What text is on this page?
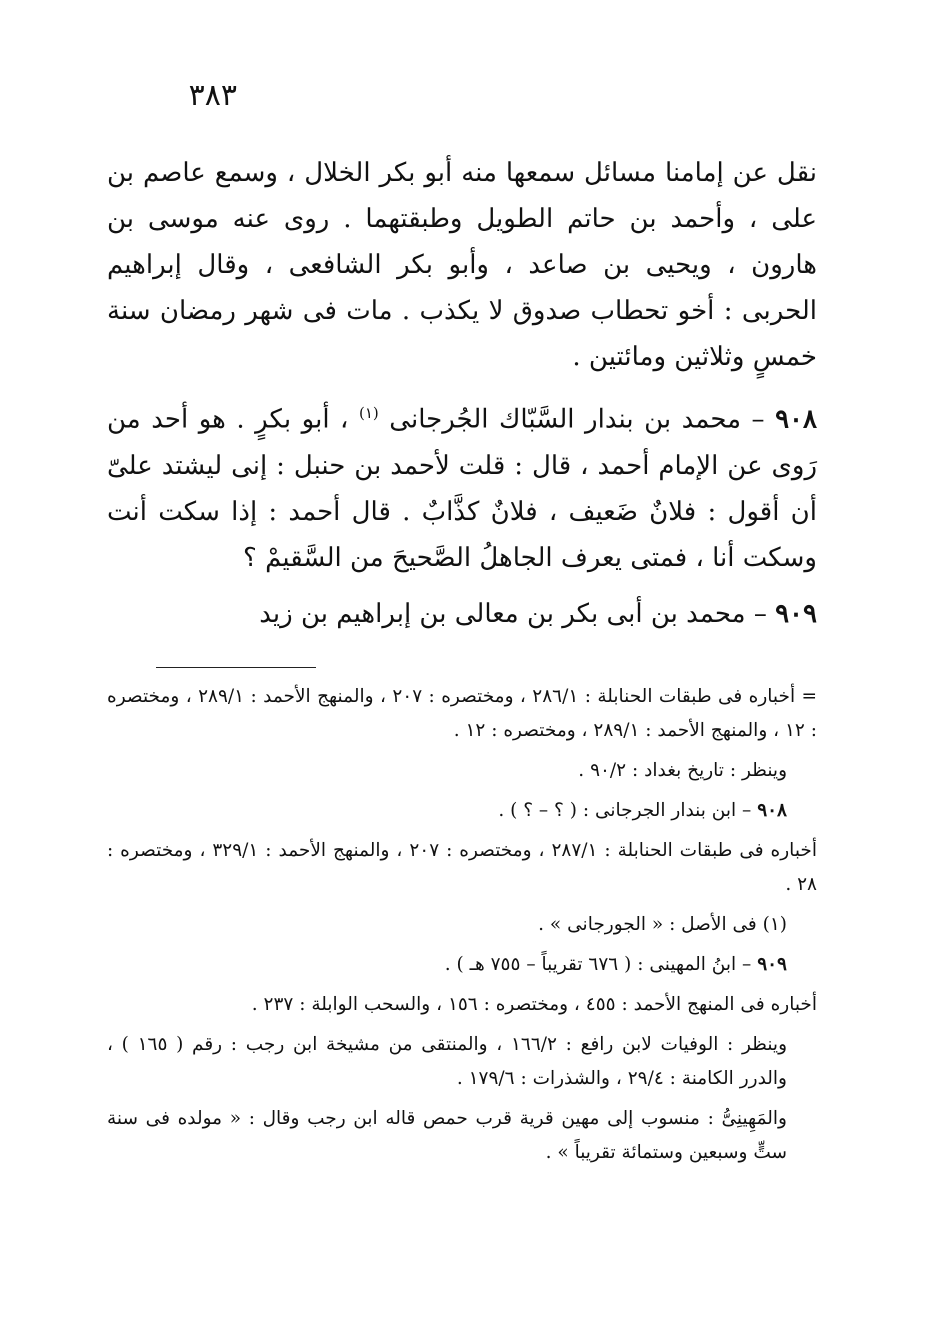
٣٨٣

نقل عن إمامنا مسائل سمعها منه أبو بكر الخلال ، وسمع عاصم بن على ، وأحمد بن حاتم الطويل وطبقتهما . روى عنه موسى بن هارون ، ويحيى بن صاعد ، وأبو بكر الشافعى ، وقال إبراهيم الحربى : أخو تحطاب صدوق لا يكذب . مات فى شهر رمضان سنة خمسٍ وثلاثين ومائتين .

٩٠٨ – محمد بن بندار السَّبّاك الجُرجانى $^{(١)}$ ، أبو بكرٍ . هو أحد من رَوى عن الإمام أحمد ، قال : قلت لأحمد بن حنبل : إنى ليشتد علىّ أن أقول : فلانٌ ضَعيف ، فلانٌ كذَّابٌ . قال أحمد : إذا سكت أنت وسكت أنا ، فمتى يعرف الجاهلُ الصَّحيحَ من السَّقيمْ ؟

٩٠٩ – محمد بن أبى بكر بن معالى بن إبراهيم بن زيد

= أخباره فى طبقات الحنابلة : ٢٨٦/١ ، ومختصره : ٢٠٧ ، والمنهج الأحمد : ٢٨٩/١ ، ومختصره : ١٢ ، والمنهج الأحمد : ٢٨٩/١ ، ومختصره : ١٢ .

وينظر : تاريخ بغداد : ٩٠/٢ .

٩٠٨ – ابن بندار الجرجانى : ( ؟ – ؟ ) .

أخباره فى طبقات الحنابلة : ٢٨٧/١ ، ومختصره : ٢٠٧ ، والمنهج الأحمد : ٣٢٩/١ ، ومختصره : ٢٨ .

(١) فى الأصل : « الجورجانى » .

٩٠٩ – ابنُ المهينى : ( ٦٧٦ تقريباً – ٧٥٥ هـ ) .

أخباره فى المنهج الأحمد : ٤٥٥ ، ومختصره : ١٥٦ ، والسحب الوابلة : ٢٣٧ .

وينظر : الوفيات لابن رافع : ١٦٦/٢ ، والمنتقى من مشيخة ابن رجب : رقم ( ١٦٥ ) ، والدرر الكامنة : ٢٩/٤ ، والشذرات : ١٧٩/٦ .

والمَهِينِىُّ : منسوب إلى مهين قرية قرب حمص قاله ابن رجب وقال : « مولده فى سنة ستٍّ وسبعين وستمائة تقريباً » .
